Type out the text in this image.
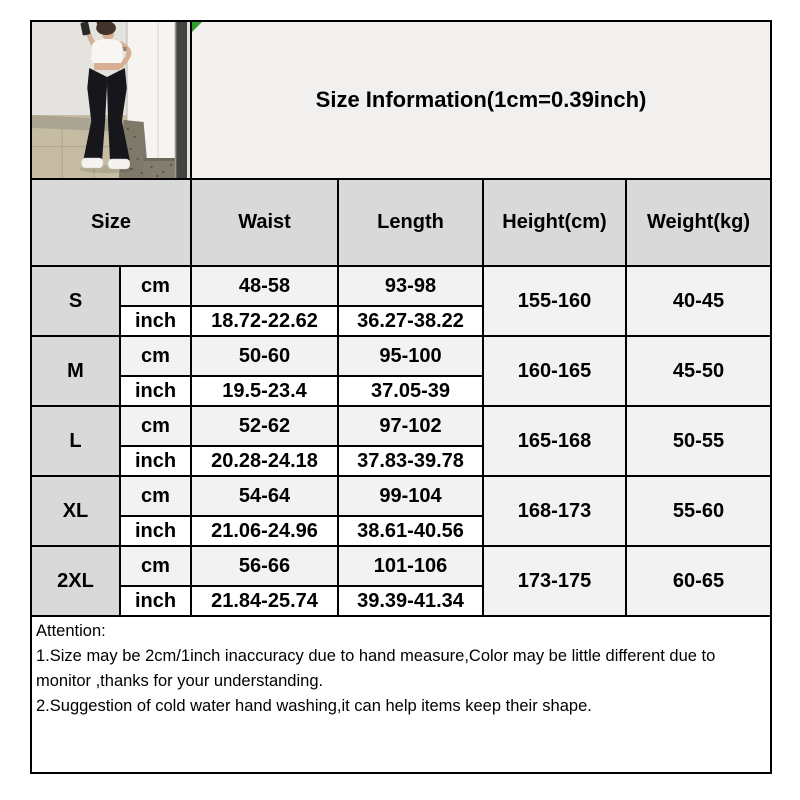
Size Information(1cm=0.39inch)			
Size		Waist	Length	Height(cm)	Weight(kg)
S	cm	48-58	93-98	155-160	40-45
	inch	18.72-22.62	36.27-38.22		
M	cm	50-60	95-100	160-165	45-50
	inch	19.5-23.4	37.05-39		
L	cm	52-62	97-102	165-168	50-55
	inch	20.28-24.18	37.83-39.78		
XL	cm	54-64	99-104	168-173	55-60
	inch	21.06-24.96	38.61-40.56		
2XL	cm	56-66	101-106	173-175	60-65
	inch	21.84-25.74	39.39-41.34		

Attention:
1.Size may be 2cm/1inch inaccuracy due to hand measure,Color may be little different due to monitor ,thanks for your understanding.
2.Suggestion of cold water hand washing,it can help items keep their shape.					
